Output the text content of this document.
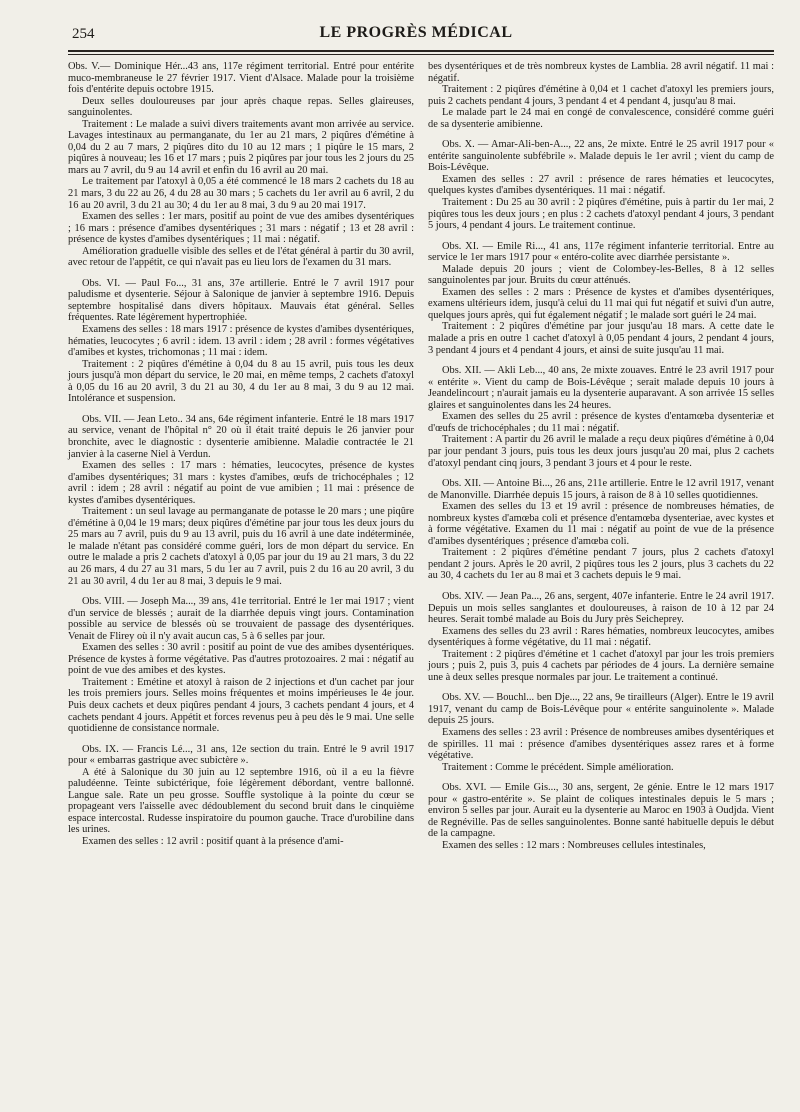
254	LE PROGRÈS MÉDICAL

Obs. V.— Dominique Hér...43 ans, 117e régiment territorial. Entré pour entérite muco-membraneuse le 27 février 1917. Vient d'Alsace. Malade pour la troisième fois d'entérite depuis octobre 1915.

Deux selles douloureuses par jour après chaque repas. Selles glaireuses, sanguinolentes.

Traitement : Le malade a suivi divers traitements avant mon arrivée au service. Lavages intestinaux au permanganate, du 1er au 21 mars, 2 piqûres d'émétine à 0,04 du 2 au 7 mars, 2 piqûres dito du 10 au 12 mars ; 1 piqûre le 15 mars, 2 piqûres à nouveau; les 16 et 17 mars ; puis 2 piqûres par jour tous les 2 jours du 25 mars au 7 avril, du 9 au 14 avril et enfin du 16 avril au 20 mai.

Le traitement par l'atoxyl à 0,05 a été commencé le 18 mars 2 cachets du 18 au 21 mars, 3 du 22 au 26, 4 du 28 au 30 mars ; 5 cachets du 1er avril au 6 avril, 2 du 16 au 20 avril, 3 du 21 au 30; 4 du 1er au 8 mai, 3 du 9 au 20 mai 1917.

Examen des selles : 1er mars, positif au point de vue des amibes dysentériques ; 16 mars : présence d'amibes dysentériques ; 31 mars : négatif ; 13 et 28 avril : présence de kystes d'amibes dysentériques ; 11 mai : négatif.

Amélioration graduelle visible des selles et de l'état général à partir du 30 avril, avec retour de l'appétit, ce qui n'avait pas eu lieu lors de l'examen du 31 mars.

Obs. VI. — Paul Fo..., 31 ans, 37e artillerie. Entré le 7 avril 1917 pour paludisme et dysenterie. Séjour à Salonique de janvier à septembre 1916. Depuis septembre hospitalisé dans divers hôpitaux. Mauvais état général. Selles fréquentes. Rate légèrement hypertrophiée.

Examens des selles : 18 mars 1917 : présence de kystes d'amibes dysentériques, hématies, leucocytes ; 6 avril : idem. 13 avril : idem ; 28 avril : formes végétatives d'amibes et kystes, trichomonas ; 11 mai : idem.

Traitement : 2 piqûres d'émétine à 0,04 du 8 au 15 avril, puis tous les deux jours jusqu'à mon départ du service, le 20 mai, en même temps, 2 cachets d'atoxyl à 0,05 du 16 au 20 avril, 3 du 21 au 30, 4 du 1er au 8 mai, 3 du 9 au 12 mai. Intolérance et suspension.

Obs. VII. — Jean Leto.. 34 ans, 64e régiment infanterie. Entré le 18 mars 1917 au service, venant de l'hôpital n° 20 où il était traité depuis le 26 janvier pour bronchite, avec le diagnostic : dysenterie amibienne. Maladie contractée le 21 janvier à la caserne Niel à Verdun.

Examen des selles : 17 mars : hématies, leucocytes, présence de kystes d'amibes dysentériques; 31 mars : kystes d'amibes, œufs de trichocéphales ; 12 avril : idem ; 28 avril : négatif au point de vue amibien ; 11 mai : présence de kystes d'amibes dysentériques.

Traitement : un seul lavage au permanganate de potasse le 20 mars ; une piqûre d'émétine à 0,04 le 19 mars; deux piqûres d'émétine par jour tous les deux jours du 25 mars au 7 avril, puis du 9 au 13 avril, puis du 16 avril à une date indéterminée, le malade n'étant pas considéré comme guéri, lors de mon départ du service. En outre le malade a pris 2 cachets d'atoxyl à 0,05 par jour du 19 au 21 mars, 3 du 22 au 26 mars, 4 du 27 au 31 mars, 5 du 1er au 7 avril, puis 2 du 16 au 20 avril, 3 du 21 au 30 avril, 4 du 1er au 8 mai, 3 depuis le 9 mai.

Obs. VIII. — Joseph Ma..., 39 ans, 41e territorial. Entré le 1er mai 1917 ; vient d'un service de blessés ; aurait de la diarrhée depuis vingt jours. Contamination possible au service de blessés où se trouvaient de passage des dysentériques. Venait de Flirey où il n'y avait aucun cas, 5 à 6 selles par jour.

Examen des selles : 30 avril : positif au point de vue des amibes dysentériques. Présence de kystes à forme végétative. Pas d'autres protozoaires. 2 mai : négatif au point de vue des amibes et des kystes.

Traitement : Emétine et atoxyl à raison de 2 injections et d'un cachet par jour les trois premiers jours. Selles moins fréquentes et moins impérieuses le 4e jour. Puis deux cachets et deux piqûres pendant 4 jours, 3 cachets pendant 4 jours, et 4 cachets pendant 4 jours. Appétit et forces revenus peu à peu dès le 9 mai. Une selle quotidienne de consistance normale.

Obs. IX. — Francis Lé..., 31 ans, 12e section du train. Entré le 9 avril 1917 pour « embarras gastrique avec subictère ».

A été à Salonique du 30 juin au 12 septembre 1916, où il a eu la fièvre paludéenne. Teinte subictérique, foie légèrement débordant, ventre ballonné. Langue sale. Rate un peu grosse. Souffle systolique à la pointe du cœur se propageant vers l'aisselle avec dédoublement du second bruit dans le cinquième espace intercostal. Rudesse inspiratoire du poumon gauche. Trace d'urobiline dans les urines.

Examen des selles : 12 avril : positif quant à la présence d'ami-

bes dysentériques et de très nombreux kystes de Lamblia. 28 avril négatif. 11 mai : négatif.

Traitement : 2 piqûres d'émétine à 0,04 et 1 cachet d'atoxyl les premiers jours, puis 2 cachets pendant 4 jours, 3 pendant 4 et 4 pendant 4, jusqu'au 8 mai.

Le malade part le 24 mai en congé de convalescence, considéré comme guéri de sa dysenterie amibienne.

Obs. X. — Amar-Ali-ben-A..., 22 ans, 2e mixte. Entré le 25 avril 1917 pour « entérite sanguinolente subfébrile ». Malade depuis le 1er avril ; vient du camp de Bois-Lévêque.

Examen des selles : 27 avril : présence de rares hématies et leucocytes, quelques kystes d'amibes dysentériques. 11 mai : négatif.

Traitement : Du 25 au 30 avril : 2 piqûres d'émétine, puis à partir du 1er mai, 2 piqûres tous les deux jours ; en plus : 2 cachets d'atoxyl pendant 4 jours, 3 pendant 5 jours, 4 pendant 4 jours. Le traitement continue.

Obs. XI. — Emile Ri..., 41 ans, 117e régiment infanterie territorial. Entre au service le 1er mars 1917 pour « entéro-colite avec diarrhée persistante ».

Malade depuis 20 jours ; vient de Colombey-les-Belles, 8 à 12 selles sanguinolentes par jour. Bruits du cœur atténués.

Examen des selles : 2 mars : Présence de kystes et d'amibes dysentériques, examens ultérieurs idem, jusqu'à celui du 11 mai qui fut négatif et suivi d'un autre, quelques jours après, qui fut également négatif ; le malade sort guéri le 24 mai.

Traitement : 2 piqûres d'émétine par jour jusqu'au 18 mars. A cette date le malade a pris en outre 1 cachet d'atoxyl à 0,05 pendant 4 jours, 2 pendant 4 jours, 3 pendant 4 jours et 4 pendant 4 jours, et ainsi de suite jusqu'au 11 mai.

Obs. XII. — Akli Leb..., 40 ans, 2e mixte zouaves. Entré le 23 avril 1917 pour « entérite ». Vient du camp de Bois-Lévêque ; serait malade depuis 10 jours à Jeandelincourt ; n'aurait jamais eu la dysenterie auparavant. A son arrivée 15 selles glaires et sanguinolentes dans les 24 heures.

Examen des selles du 25 avril : présence de kystes d'entamœba dysenteriæ et d'œufs de trichocéphales ; du 11 mai : négatif.

Traitement : A partir du 26 avril le malade a reçu deux piqûres d'émétine à 0,04 par jour pendant 3 jours, puis tous les deux jours jusqu'au 20 mai, plus 2 cachets d'atoxyl pendant cinq jours, 3 pendant 3 jours et 4 pour le reste.

Obs. XII. — Antoine Bi..., 26 ans, 211e artillerie. Entre le 12 avril 1917, venant de Manonville. Diarrhée depuis 15 jours, à raison de 8 à 10 selles quotidiennes.

Examen des selles du 13 et 19 avril : présence de nombreuses hématies, de nombreux kystes d'amœba coli et présence d'entamœba dysenteriae, avec kystes et à forme végétative. Examen du 11 mai : négatif au point de vue de la présence d'amibes dysentériques ; présence d'amœba coli.

Traitement : 2 piqûres d'émétine pendant 7 jours, plus 2 cachets d'atoxyl pendant 2 jours. Après le 20 avril, 2 piqûres tous les 2 jours, plus 3 cachets du 22 au 30, 4 cachets du 1er au 8 mai et 3 cachets depuis le 9 mai.

Obs. XIV. — Jean Pa..., 26 ans, sergent, 407e infanterie. Entre le 24 avril 1917. Depuis un mois selles sanglantes et douloureuses, à raison de 10 à 12 par 24 heures. Serait tombé malade au Bois du Jury près Seicheprey.

Examens des selles du 23 avril : Rares hématies, nombreux leucocytes, amibes dysentériques à forme végétative, du 11 mai : négatif.

Traitement : 2 piqûres d'émétine et 1 cachet d'atoxyl par jour les trois premiers jours ; puis 2, puis 3, puis 4 cachets par périodes de 4 jours. La dernière semaine une à deux selles presque normales par jour. Le traitement a continué.

Obs. XV. — Bouchl... ben Dje..., 22 ans, 9e tirailleurs (Alger). Entre le 19 avril 1917, venant du camp de Bois-Lévêque pour « entérite sanguinolente ». Malade depuis 25 jours.

Examens des selles : 23 avril : Présence de nombreuses amibes dysentériques et de spirilles. 11 mai : présence d'amibes dysentériques assez rares et à forme végétative.

Traitement : Comme le précédent. Simple amélioration.

Obs. XVI. — Emile Gis..., 30 ans, sergent, 2e génie. Entre le 12 mars 1917 pour « gastro-entérite ». Se plaint de coliques intestinales depuis le 5 mars ; environ 5 selles par jour. Aurait eu la dysenterie au Maroc en 1903 à Oudjda. Vient de Regnéville. Pas de selles sanguinolentes. Bonne santé habituelle depuis le début de la campagne.

Examen des selles : 12 mars : Nombreuses cellules intestinales,
